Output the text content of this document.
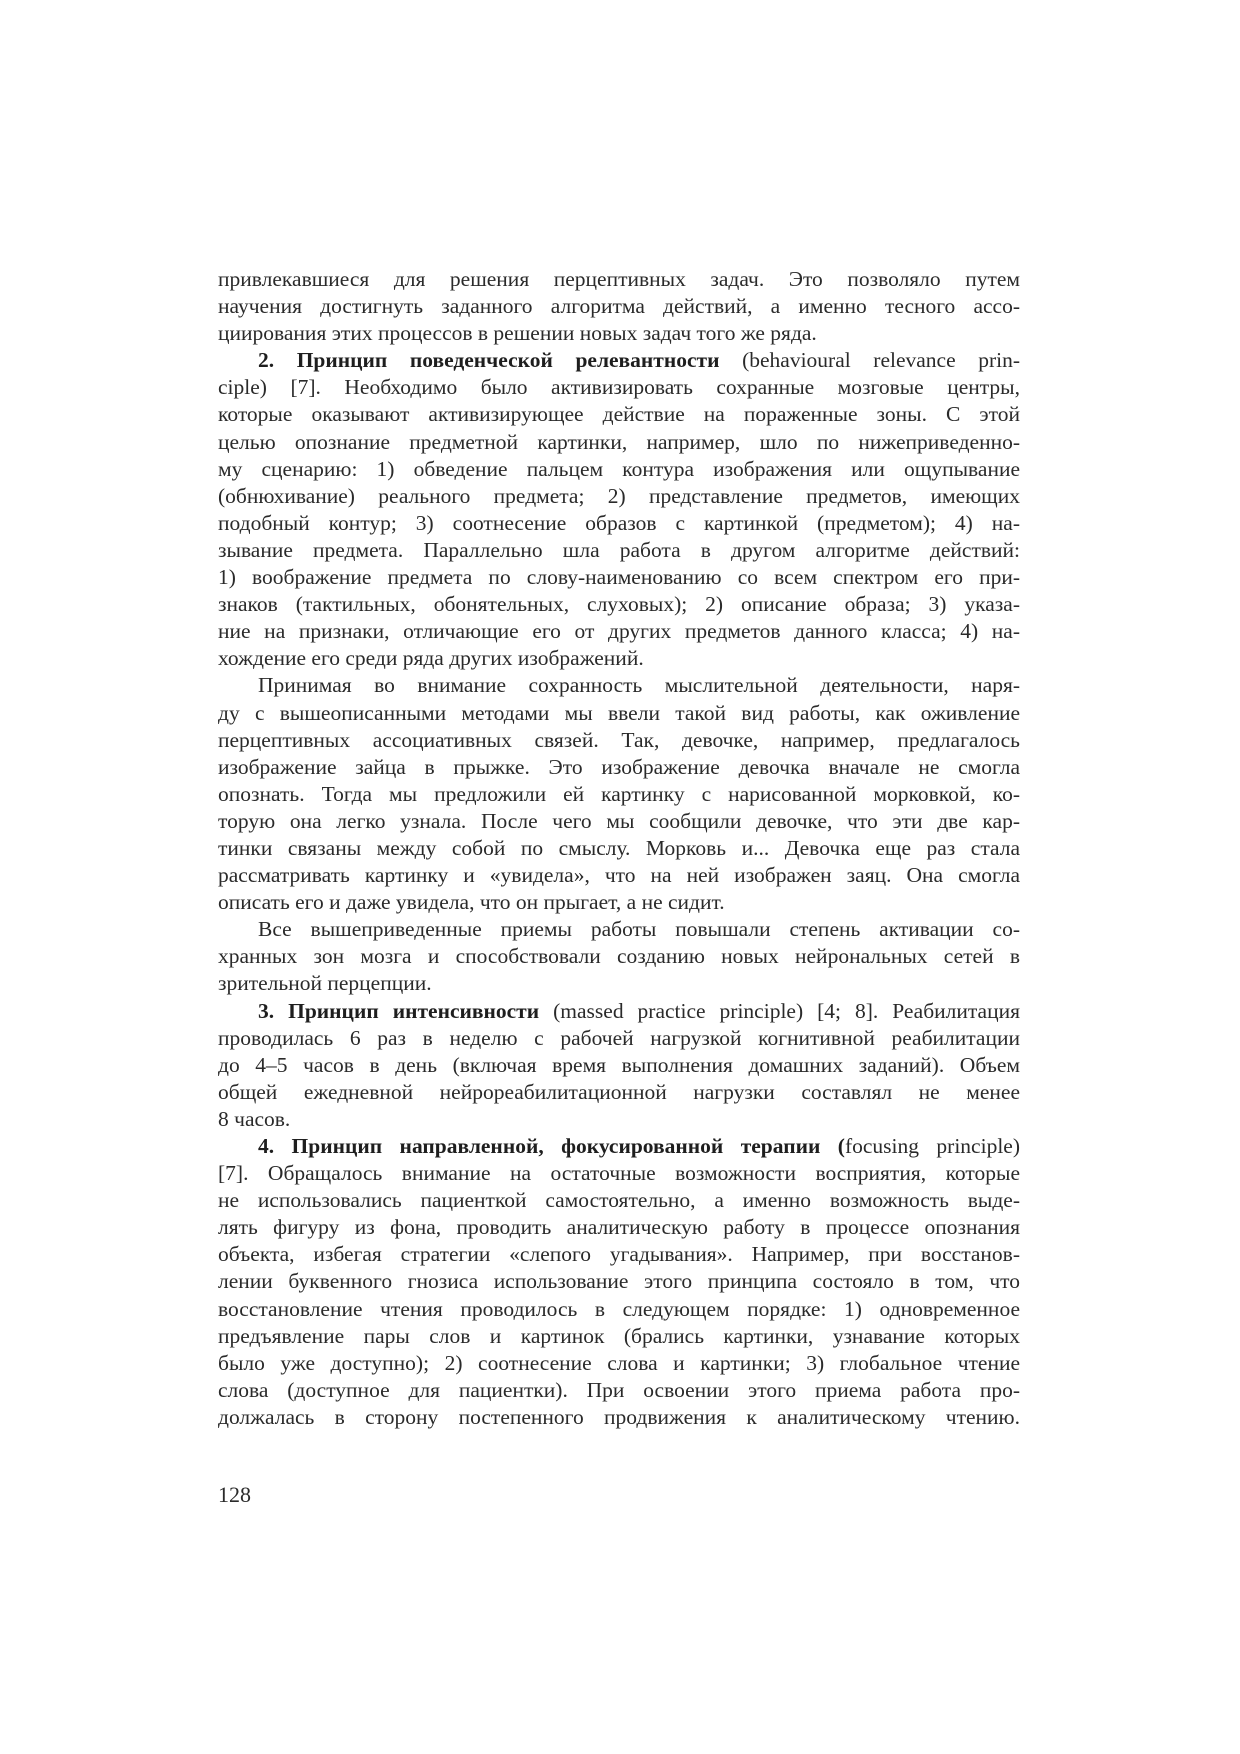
привлекавшиеся для решения перцептивных задач. Это позволяло путем
научения достигнуть заданного алгоритма действий, а именно тесного ассо-
циирования этих процессов в решении новых задач того же ряда.
2. Принцип поведенческой релевантности (behavioural relevance prin-
ciple) [7]. Необходимо было активизировать сохранные мозговые центры,
которые оказывают активизирующее действие на пораженные зоны. С этой
целью опознание предметной картинки, например, шло по нижеприведенно-
му сценарию: 1) обведение пальцем контура изображения или ощупывание
(обнюхивание) реального предмета; 2) представление предметов, имеющих
подобный контур; 3) соотнесение образов с картинкой (предметом); 4) на-
зывание предмета. Параллельно шла работа в другом алгоритме действий:
1) воображение предмета по слову-наименованию со всем спектром его при-
знаков (тактильных, обонятельных, слуховых); 2) описание образа; 3) указа-
ние на признаки, отличающие его от других предметов данного класса; 4) на-
хождение его среди ряда других изображений.
Принимая во внимание сохранность мыслительной деятельности, наря-
ду с вышеописанными методами мы ввели такой вид работы, как оживление
перцептивных ассоциативных связей. Так, девочке, например, предлагалось
изображение зайца в прыжке. Это изображение девочка вначале не смогла
опознать. Тогда мы предложили ей картинку с нарисованной морковкой, ко-
торую она легко узнала. После чего мы сообщили девочке, что эти две кар-
тинки связаны между собой по смыслу. Морковь и... Девочка еще раз стала
рассматривать картинку и «увидела», что на ней изображен заяц. Она смогла
описать его и даже увидела, что он прыгает, а не сидит.
Все вышеприведенные приемы работы повышали степень активации со-
хранных зон мозга и способствовали созданию новых нейрональных сетей в
зрительной перцепции.
3. Принцип интенсивности (massed practice principle) [4; 8]. Реабилитация
проводилась 6 раз в неделю с рабочей нагрузкой когнитивной реабилитации
до 4–5 часов в день (включая время выполнения домашних заданий). Объем
общей ежедневной нейрореабилитационной нагрузки составлял не менее
8 часов.
4. Принцип направленной, фокусированной терапии (focusing principle)
[7]. Обращалось внимание на остаточные возможности восприятия, которые
не использовались пациенткой самостоятельно, а именно возможность выде-
лять фигуру из фона, проводить аналитическую работу в процессе опознания
объекта, избегая стратегии «слепого угадывания». Например, при восстанов-
лении буквенного гнозиса использование этого принципа состояло в том, что
восстановление чтения проводилось в следующем порядке: 1) одновременное
предъявление пары слов и картинок (брались картинки, узнавание которых
было уже доступно); 2) соотнесение слова и картинки; 3) глобальное чтение
слова (доступное для пациентки). При освоении этого приема работа про-
должалась в сторону постепенного продвижения к аналитическому чтению.
128
